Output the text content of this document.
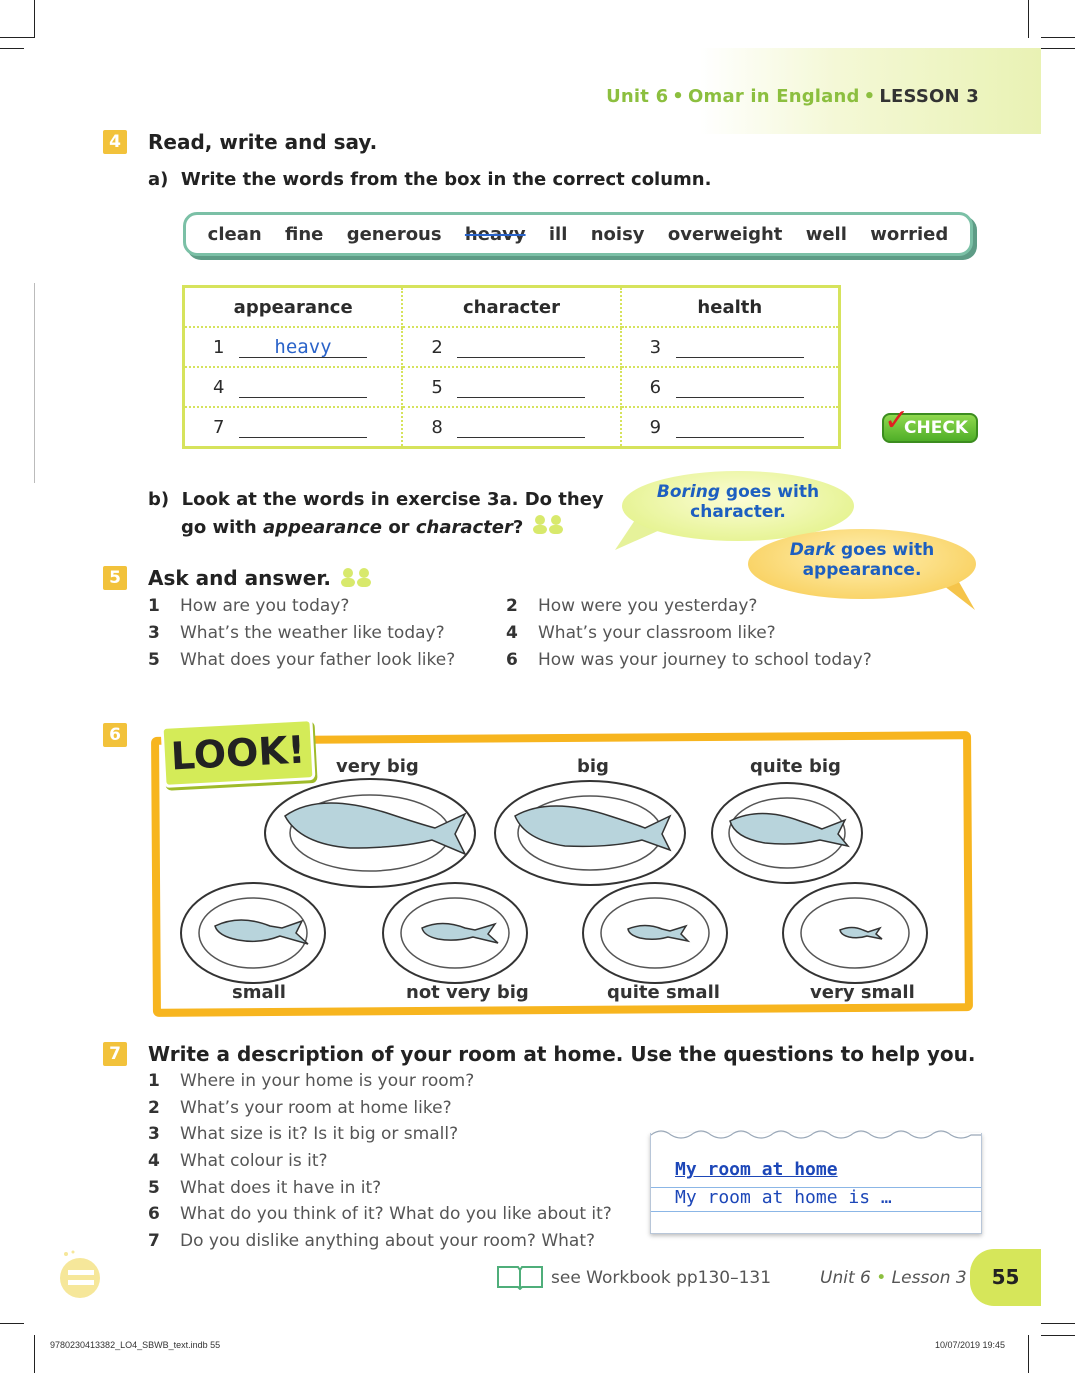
Unit 6 • Omar in England • LESSON 3
4	Read, write and say.
a) Write the words from the box in the correct column.
clean fine generous heavy ill noisy overweight well worried
appearance	character	health
1 heavy	2	3
4	5	6
7	8	9	CHECK
✓
b) Look at the words in exercise 3a. Do they
go with appearance or character?
Boring goes with
character.
Dark goes with
appearance.
5	Ask and answer.
1 How are you today?
3 What’s the weather like today?
5 What does your father look like?
2 How were you yesterday?
4 What’s your classroom like?
6 How was your journey to school today?
6 LOOK!	very big	big	quite big
small	not very big	quite small	very small
7	Write a description of your room at home. Use the questions to help you.
1 Where in your home is your room?
2 What’s your room at home like?
3 What size is it? Is it big or small?
4 What colour is it?
5 What does it have in it?
6 What do you think of it? What do you like about it?
7 Do you dislike anything about your room? What?
My room at home
My room at home is …
see Workbook pp130–131	Unit 6 • Lesson 3	55
9780230413382_LO4_SBWB_text.indb 55	10/07/2019 19:45
